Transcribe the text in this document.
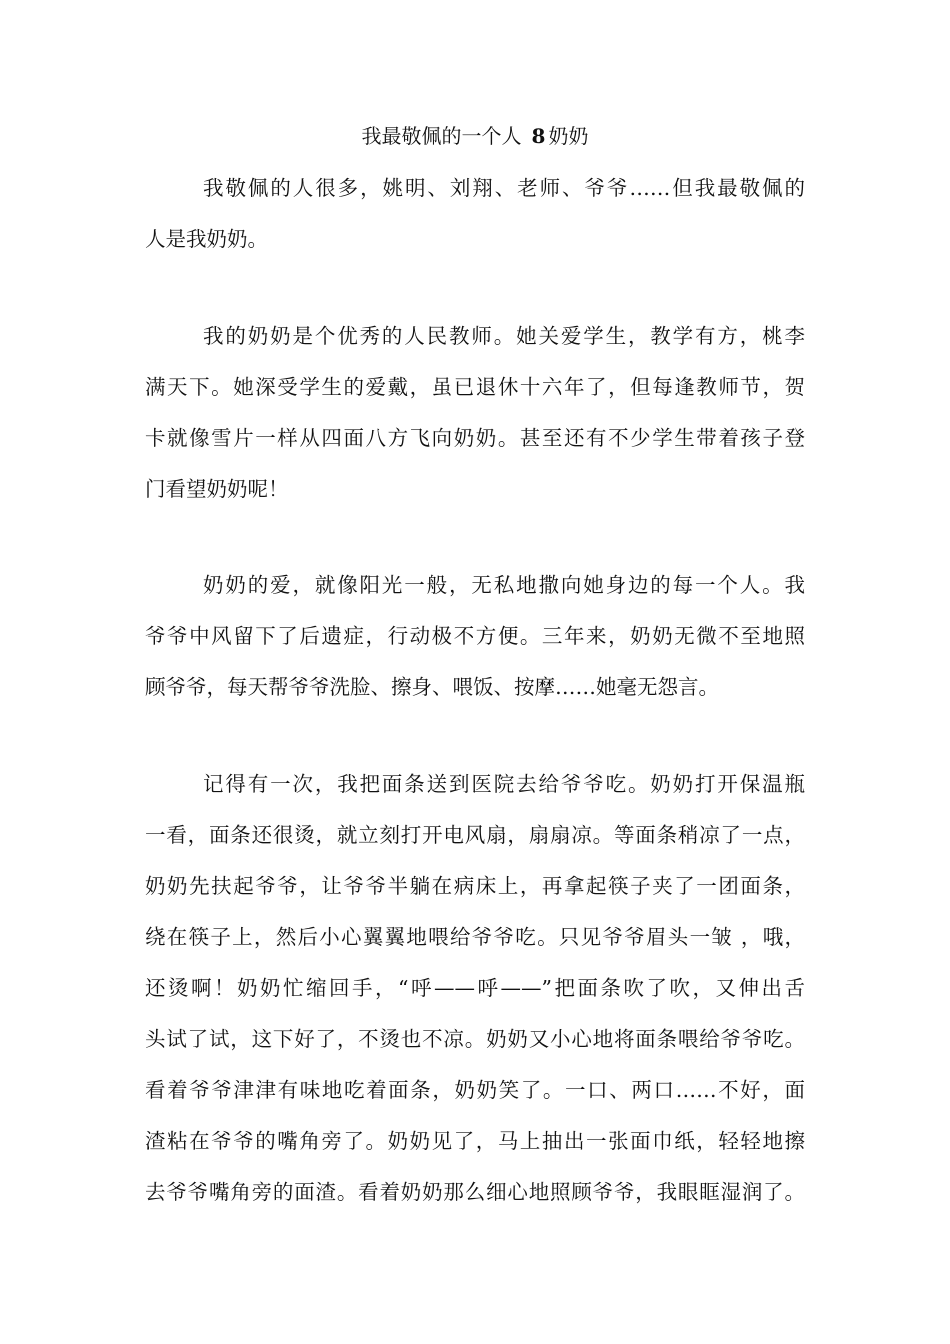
我最敬佩的一个人 8 奶奶
我敬佩的人很多，姚明、刘翔、老师、爷爷……但我最敬佩的
人是我奶奶。
我的奶奶是个优秀的人民教师。她关爱学生，教学有方，桃李
满天下。她深受学生的爱戴，虽已退休十六年了，但每逢教师节，贺
卡就像雪片一样从四面八方飞向奶奶。甚至还有不少学生带着孩子登
门看望奶奶呢！
奶奶的爱，就像阳光一般，无私地撒向她身边的每一个人。我
爷爷中风留下了后遗症，行动极不方便。三年来，奶奶无微不至地照
顾爷爷，每天帮爷爷洗脸、擦身、喂饭、按摩……她毫无怨言。
记得有一次，我把面条送到医院去给爷爷吃。奶奶打开保温瓶
一看，面条还很烫，就立刻打开电风扇，扇扇凉。等面条稍凉了一点，
奶奶先扶起爷爷，让爷爷半躺在病床上，再拿起筷子夹了一团面条，
绕在筷子上，然后小心翼翼地喂给爷爷吃。只见爷爷眉头一皱 ，哦，
还烫啊！奶奶忙缩回手，“呼——呼——”把面条吹了吹，又伸出舌
头试了试，这下好了，不烫也不凉。奶奶又小心地将面条喂给爷爷吃。
看着爷爷津津有味地吃着面条，奶奶笑了。一口、两口……不好，面
渣粘在爷爷的嘴角旁了。奶奶见了，马上抽出一张面巾纸，轻轻地擦
去爷爷嘴角旁的面渣。看着奶奶那么细心地照顾爷爷，我眼眶湿润了。
